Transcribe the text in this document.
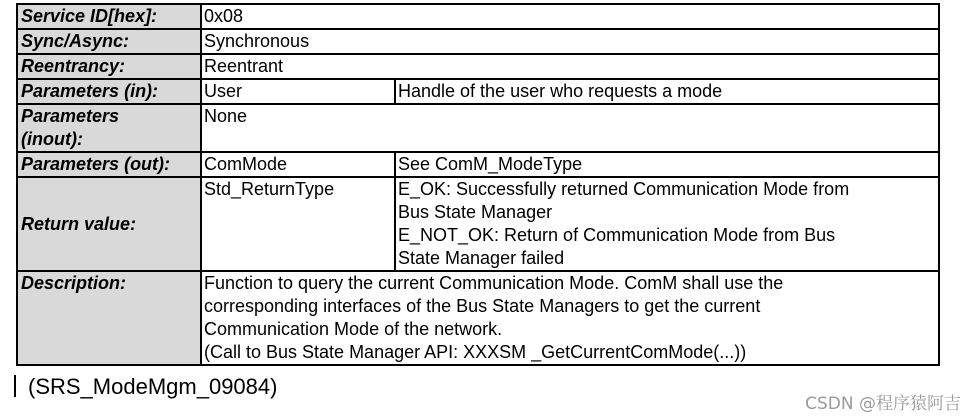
Service ID[hex]:	0x08	
Sync/Async:	Synchronous	
Reentrancy:	Reentrant	
Parameters (in):	User	Handle of the user who requests a mode

Parameters
(inout):	None	
Parameters (out):	ComMode	See ComM_ModeType
Return value:	Std_ReturnType	E_OK: Successfully returned Communication Mode from
Bus State Manager
E_NOT_OK: Return of Communication Mode from Bus
State Manager failed

Description:	Function to query the current Communication Mode. ComM shall use the
corresponding interfaces of the Bus State Managers to get the current
Communication Mode of the network.
(Call to Bus State Manager API: XXXSM _GetCurrentComMode(...))	
(SRS_ModeMgm_09084)
CSDN @程序猿阿吉
